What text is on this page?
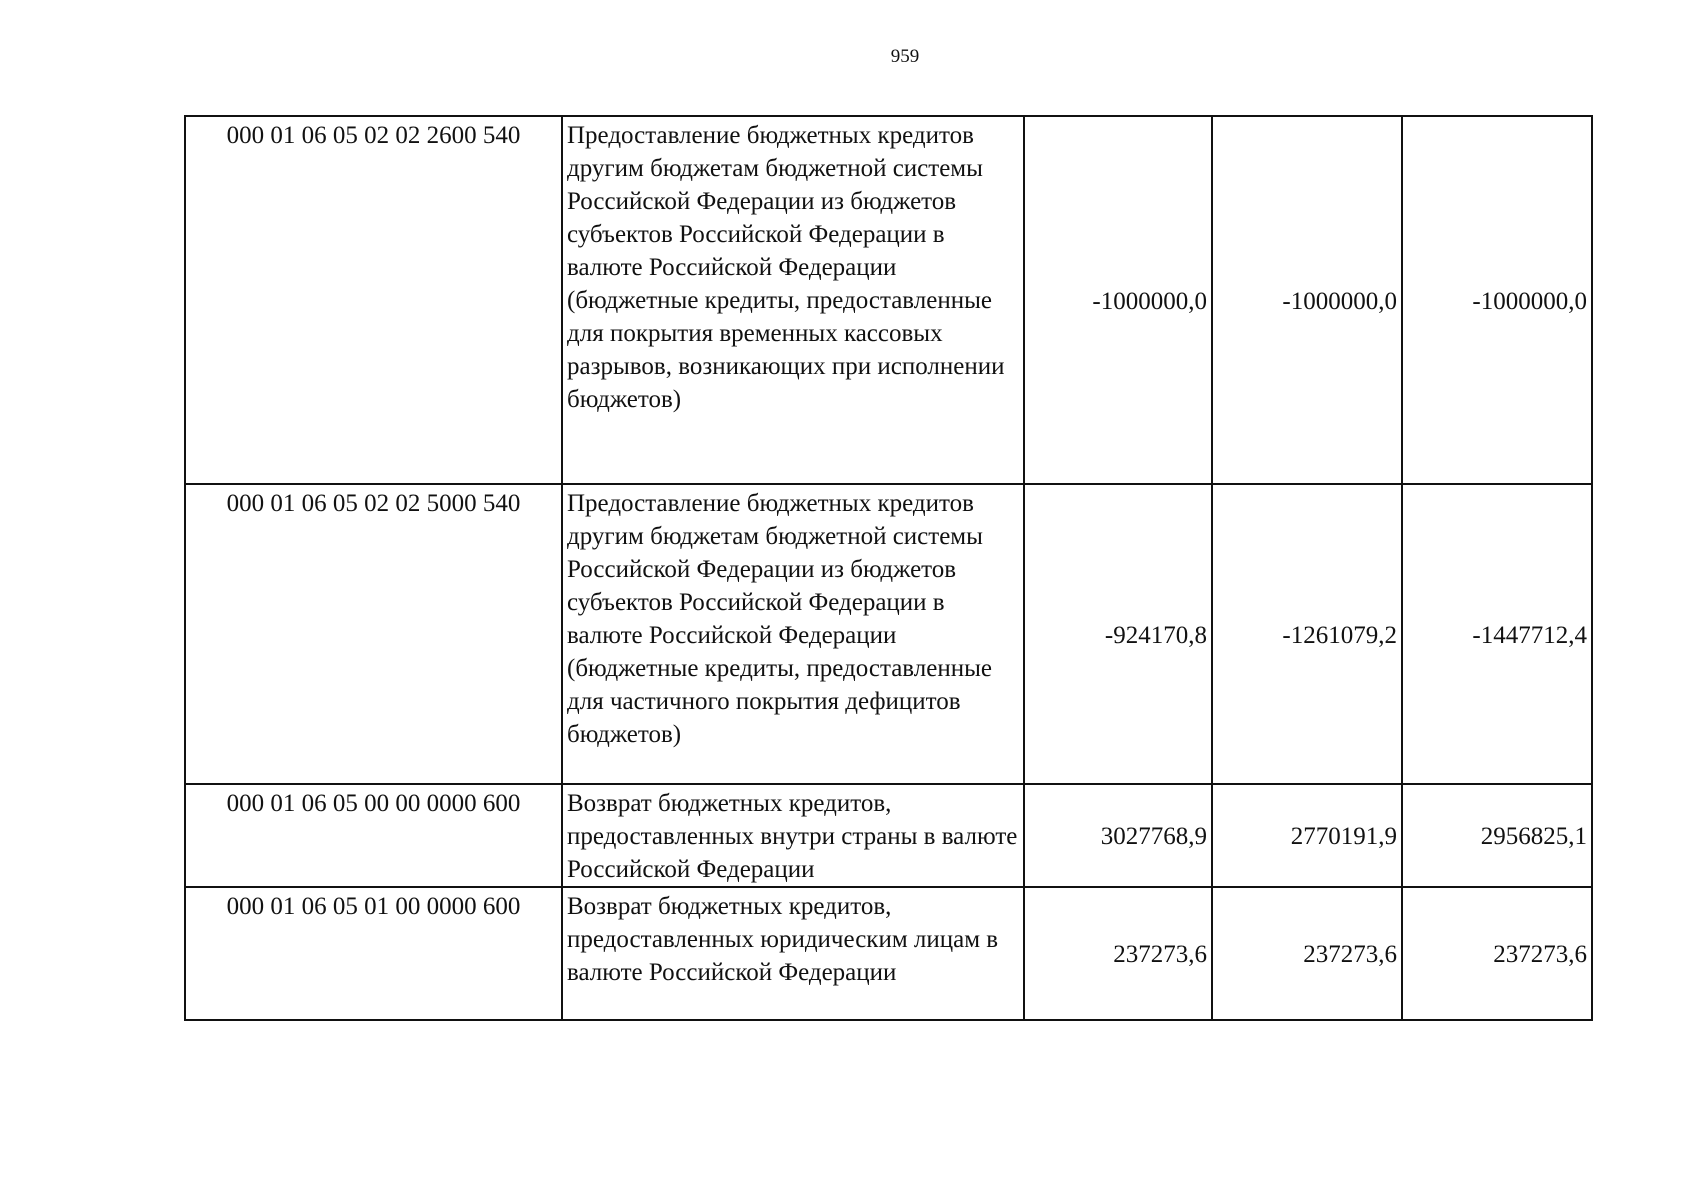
959
000 01 06 05 02 02 2600 540	Предоставление бюджетных кредитов другим бюджетам бюджетной системы Российской Федерации из бюджетов субъектов Российской Федерации в валюте Российской Федерации (бюджетные кредиты, предоставленные для покрытия временных кассовых разрывов, возникающих при исполнении бюджетов)	-1000000,0	-1000000,0	-1000000,0
000 01 06 05 02 02 5000 540	Предоставление бюджетных кредитов другим бюджетам бюджетной системы Российской Федерации из бюджетов субъектов Российской Федерации в валюте Российской Федерации (бюджетные кредиты, предоставленные для частичного покрытия дефицитов бюджетов)	-924170,8	-1261079,2	-1447712,4
000 01 06 05 00 00 0000 600	Возврат бюджетных кредитов, предоставленных внутри страны в валюте Российской Федерации	3027768,9	2770191,9	2956825,1
000 01 06 05 01 00 0000 600	Возврат бюджетных кредитов, предоставленных юридическим лицам в валюте Российской Федерации	237273,6	237273,6	237273,6
